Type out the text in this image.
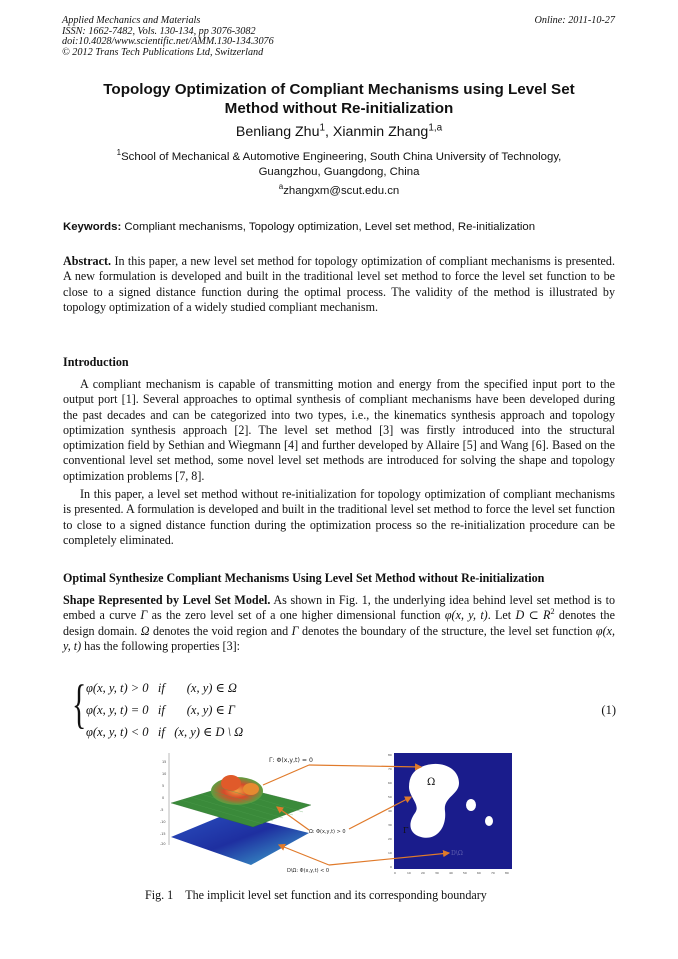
Applied Mechanics and Materials
ISSN: 1662-7482, Vols. 130-134, pp 3076-3082
doi:10.4028/www.scientific.net/AMM.130-134.3076
© 2012 Trans Tech Publications Ltd, Switzerland
Online: 2011-10-27
Topology Optimization of Compliant Mechanisms using Level Set
Method without Re-initialization
Benliang Zhu$^1$, Xianmin Zhang$^{1,a}$
$^1$School of Mechanical & Automotive Engineering, South China University of Technology,
Guangzhou, Guangdong, China
$^a$zhangxm@scut.edu.cn
Keywords: Compliant mechanisms, Topology optimization, Level set method, Re-initialization
Abstract. In this paper, a new level set method for topology optimization of compliant mechanisms is presented. A new formulation is developed and built in the traditional level set method to force the level set function to be close to a signed distance function during the optimal process. The validity of the method is illustrated by topology optimization of a widely studied compliant mechanism.
Introduction
A compliant mechanism is capable of transmitting motion and energy from the specified input port to the output port [1]. Several approaches to optimal synthesis of compliant mechanisms have been developed during the past decades and can be categorized into two types, i.e., the kinematics synthesis approach and topology optimization synthesis approach [2]. The level set method [3] was firstly introduced into the structural optimization field by Sethian and Wiegmann [4] and further developed by Allaire [5] and Wang [6]. Based on the conventional level set method, some novel level set methods are introduced for solving the shape and topology optimization problems [7, 8].
In this paper, a level set method without re-initialization for topology optimization of compliant mechanisms is presented. A formulation is developed and built in the traditional level set method to force the level set function to close to a signed distance function during the optimization process so the re-initialization procedure can be completely eliminated.
Optimal Synthesize Compliant Mechanisms Using Level Set Method without Re-initialization
Shape Represented by Level Set Model. As shown in Fig. 1, the underlying idea behind level set method is to embed a curve Γ as the zero level set of a one higher dimensional function φ(x, y, t). Let D ⊂ $R^2$ denotes the design domain. Ω denotes the void region and Γ denotes the boundary of the structure, the level set function φ(x, y, t) has the following properties [3]:
{ φ(x, y, t) > 0   if       (x, y) ∈ Ω
φ(x, y, t) = 0   if       (x, y) ∈ Γ
φ(x, y, t) < 0   if   (x, y) ∈ D \ Ω
(1)
15
10
5
0
-5
-10
-15
-20
Γ: Φ(x,y,t) = 0
Ω: Φ(x,y,t) > 0
D\Ω: Φ(x,y,t) < 0
Ω
Γ
D\Ω
80
70
60
50
40
30
20
10
0
0	10	20	30	40	50	60	70	80
Fig. 1 The implicit level set function and its corresponding boundary
